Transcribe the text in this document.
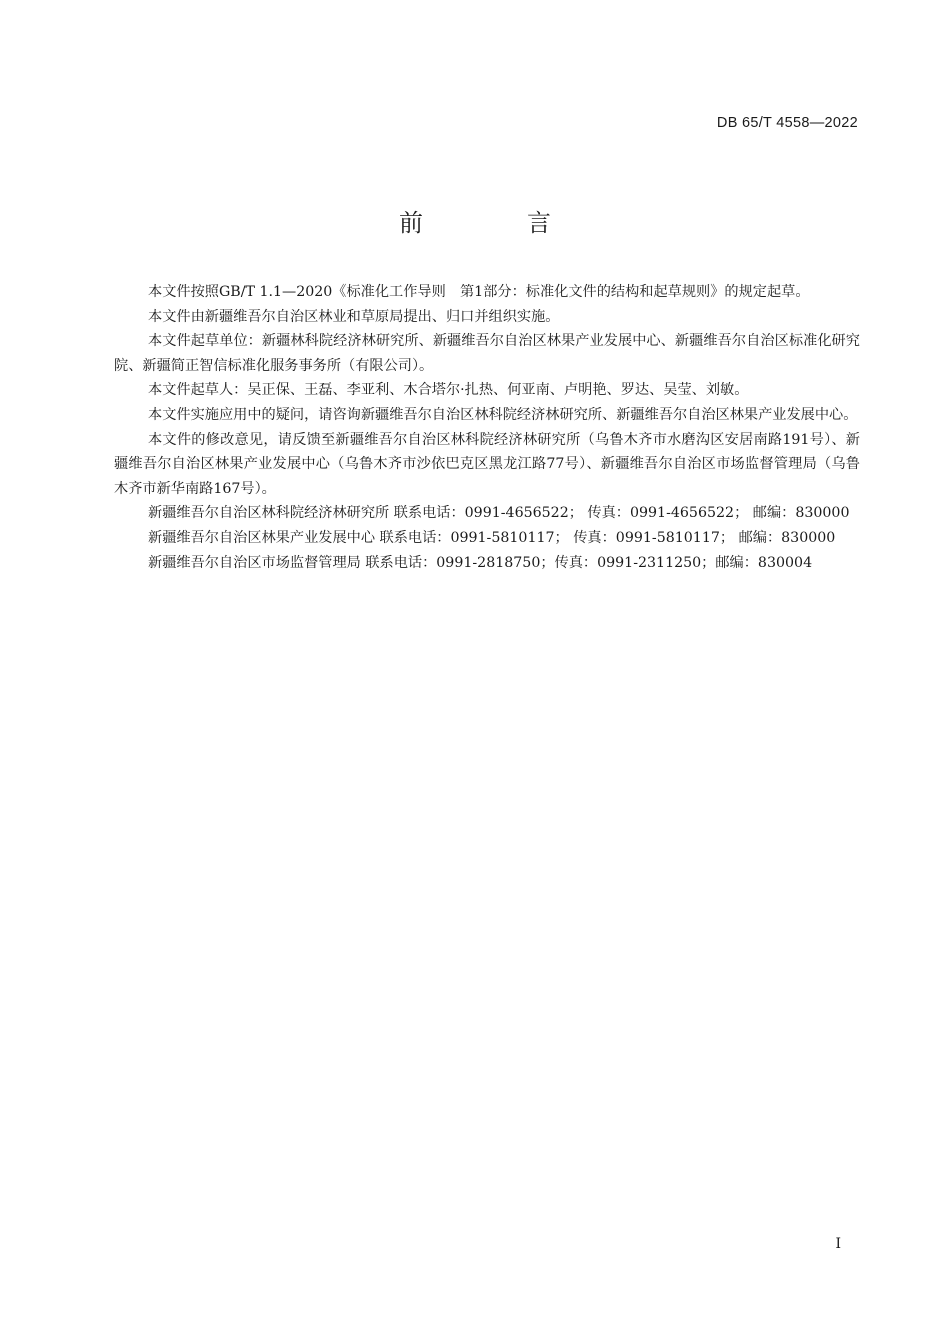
DB 65/T 4558—2022
前　言

本文件按照GB/T 1.1—2020《标准化工作导则　第1部分：标准化文件的结构和起草规则》的规定起草。

本文件由新疆维吾尔自治区林业和草原局提出、归口并组织实施。

本文件起草单位：新疆林科院经济林研究所、新疆维吾尔自治区林果产业发展中心、新疆维吾尔自治区标准化研究院、新疆简正智信标准化服务事务所（有限公司）。

本文件起草人：吴正保、王磊、李亚利、木合塔尔·扎热、何亚南、卢明艳、罗达、吴莹、刘敏。

本文件实施应用中的疑问，请咨询新疆维吾尔自治区林科院经济林研究所、新疆维吾尔自治区林果产业发展中心。

本文件的修改意见，请反馈至新疆维吾尔自治区林科院经济林研究所（乌鲁木齐市水磨沟区安居南路191号）、新疆维吾尔自治区林果产业发展中心（乌鲁木齐市沙依巴克区黑龙江路77号）、新疆维吾尔自治区市场监督管理局（乌鲁木齐市新华南路167号）。

新疆维吾尔自治区林科院经济林研究所 联系电话：0991-4656522； 传真：0991-4656522； 邮编：830000

新疆维吾尔自治区林果产业发展中心 联系电话：0991-5810117； 传真：0991-5810117； 邮编：830000

新疆维吾尔自治区市场监督管理局 联系电话：0991-2818750；传真：0991-2311250；邮编：830004

I
